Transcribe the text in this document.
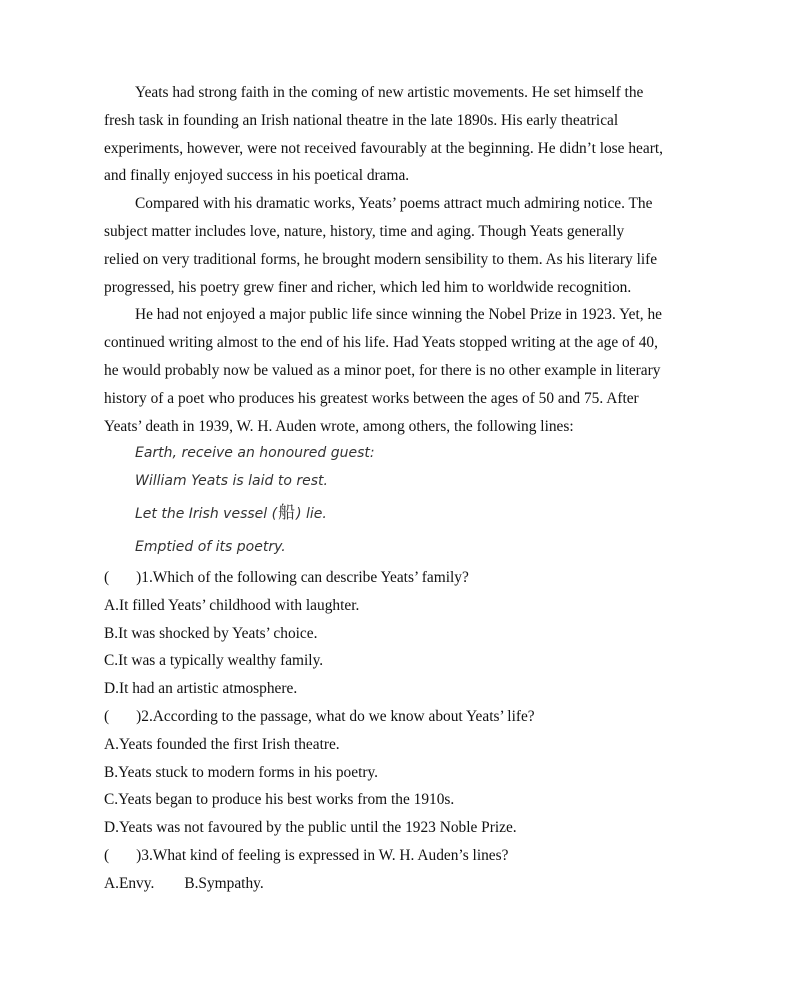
Yeats had strong faith in the coming of new artistic movements. He set himself the
fresh task in founding an Irish national theatre in the late 1890s. His early theatrical
experiments, however, were not received favourably at the beginning. He didn’t lose heart,
and finally enjoyed success in his poetical drama.
Compared with his dramatic works, Yeats’ poems attract much admiring notice. The
subject matter includes love, nature, history, time and aging. Though Yeats generally
relied on very traditional forms, he brought modern sensibility to them. As his literary life
progressed, his poetry grew finer and richer, which led him to worldwide recognition.
He had not enjoyed a major public life since winning the Nobel Prize in 1923. Yet, he
continued writing almost to the end of his life. Had Yeats stopped writing at the age of 40,
he would probably now be valued as a minor poet, for there is no other example in literary
history of a poet who produces his greatest works between the ages of 50 and 75. After
Yeats’ death in 1939, W. H. Auden wrote, among others, the following lines:
Earth, receive an honoured guest:
William Yeats is laid to rest.
Let the Irish vessel (船) lie.
Emptied of its poetry.
( )1.Which of the following can describe Yeats’ family?
A.It filled Yeats’ childhood with laughter.
B.It was shocked by Yeats’ choice.
C.It was a typically wealthy family.
D.It had an artistic atmosphere.
( )2.According to the passage, what do we know about Yeats’ life?
A.Yeats founded the first Irish theatre.
B.Yeats stuck to modern forms in his poetry.
C.Yeats began to produce his best works from the 1910s.
D.Yeats was not favoured by the public until the 1923 Noble Prize.
( )3.What kind of feeling is expressed in W. H. Auden’s lines?
A.Envy. B.Sympathy.
